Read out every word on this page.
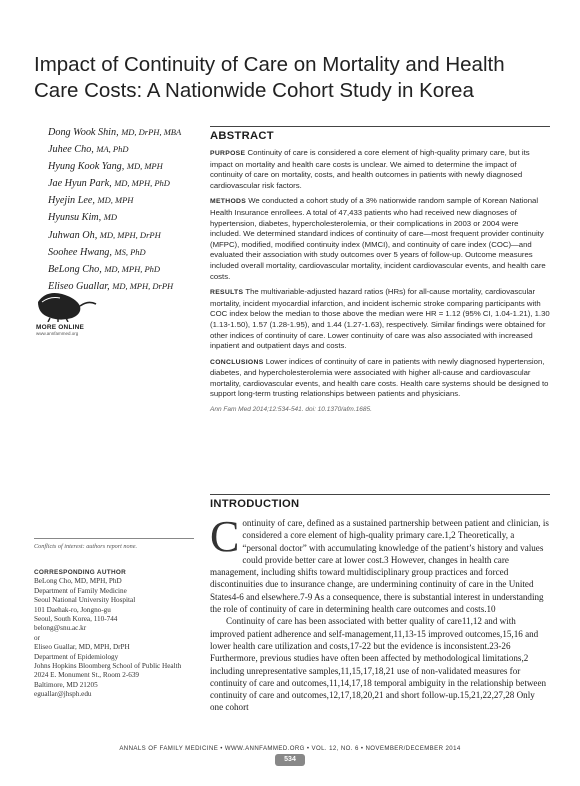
Impact of Continuity of Care on Mortality and Health Care Costs: A Nationwide Cohort Study in Korea
Dong Wook Shin, MD, DrPH, MBA
Juhee Cho, MA, PhD
Hyung Kook Yang, MD, MPH
Jae Hyun Park, MD, MPH, PhD
Hyejin Lee, MD, MPH
Hyunsu Kim, MD
Juhwan Oh, MD, MPH, DrPH
Soohee Hwang, MS, PhD
BeLong Cho, MD, MPH, PhD
Eliseo Guallar, MD, MPH, DrPH
MORE ONLINE
www.annfammed.org
ABSTRACT

PURPOSE Continuity of care is considered a core element of high-quality primary care, but its impact on mortality and health care costs is unclear. We aimed to determine the impact of continuity of care on mortality, costs, and health outcomes in patients with newly diagnosed cardiovascular risk factors.

METHODS We conducted a cohort study of a 3% nationwide random sample of Korean National Health Insurance enrollees. A total of 47,433 patients who had received new diagnoses of hypertension, diabetes, hypercholesterolemia, or their complications in 2003 or 2004 were included. We determined standard indices of continuity of care—most frequent provider continuity (MFPC), modified, modified continuity index (MMCI), and continuity of care index (COC)—and evaluated their association with study outcomes over 5 years of follow-up. Outcome measures included overall mortality, cardiovascular mortality, incident cardiovascular events, and health care costs.

RESULTS The multivariable-adjusted hazard ratios (HRs) for all-cause mortality, cardiovascular mortality, incident myocardial infarction, and incident ischemic stroke comparing participants with COC index below the median to those above the median were HR = 1.12 (95% CI, 1.04-1.21), 1.30 (1.13-1.50), 1.57 (1.28-1.95), and 1.44 (1.27-1.63), respectively. Similar findings were obtained for other indices of continuity of care. Lower continuity of care was also associated with increased inpatient and outpatient days and costs.

CONCLUSIONS Lower indices of continuity of care in patients with newly diagnosed hypertension, diabetes, and hypercholesterolemia were associated with higher all-cause and cardiovascular mortality, cardiovascular events, and health care costs. Health care systems should be designed to support long-term trusting relationships between patients and physicians.

Ann Fam Med 2014;12:534-541. doi: 10.1370/afm.1685.
INTRODUCTION

Continuity of care, defined as a sustained partnership between patient and clinician, is considered a core element of high-quality primary care.1,2 Theoretically, a “personal doctor” with accumulating knowledge of the patient’s history and values could provide better care at lower cost.3 However, changes in health care management, including shifts toward multidisciplinary group practices and forced discontinuities due to insurance change, are undermining continuity of care in the United States4-6 and elsewhere.7-9 As a consequence, there is substantial interest in understanding the role of continuity of care in determining health care outcomes and costs.10

Continuity of care has been associated with better quality of care11,12 and with improved patient adherence and self-management,11,13-15 improved outcomes,15,16 and lower health care utilization and costs,17-22 but the evidence is inconsistent.23-26 Furthermore, previous studies have often been affected by methodological limitations,2 including unrepresentative samples,11,15,17,18,21 use of non-validated measures for continuity of care and outcomes,11,14,17,18 temporal ambiguity in the relationship between continuity of care and outcomes,12,17,18,20,21 and short follow-up.15,21,22,27,28 Only one cohort

Conflicts of interest: authors report none.
CORRESPONDING AUTHOR
BeLong Cho, MD, MPH, PhD
Department of Family Medicine
Seoul National University Hospital
101 Daehak-ro, Jongno-gu
Seoul, South Korea, 110-744
belong@snu.ac.kr
or
Eliseo Guallar, MD, MPH, DrPH
Department of Epidemiology
Johns Hopkins Bloomberg School of Public Health
2024 E. Monument St., Room 2-639
Baltimore, MD 21205
eguallar@jhsph.edu
ANNALS OF FAMILY MEDICINE • WWW.ANNFAMMED.ORG • VOL. 12, NO. 6 • NOVEMBER/DECEMBER 2014
534
